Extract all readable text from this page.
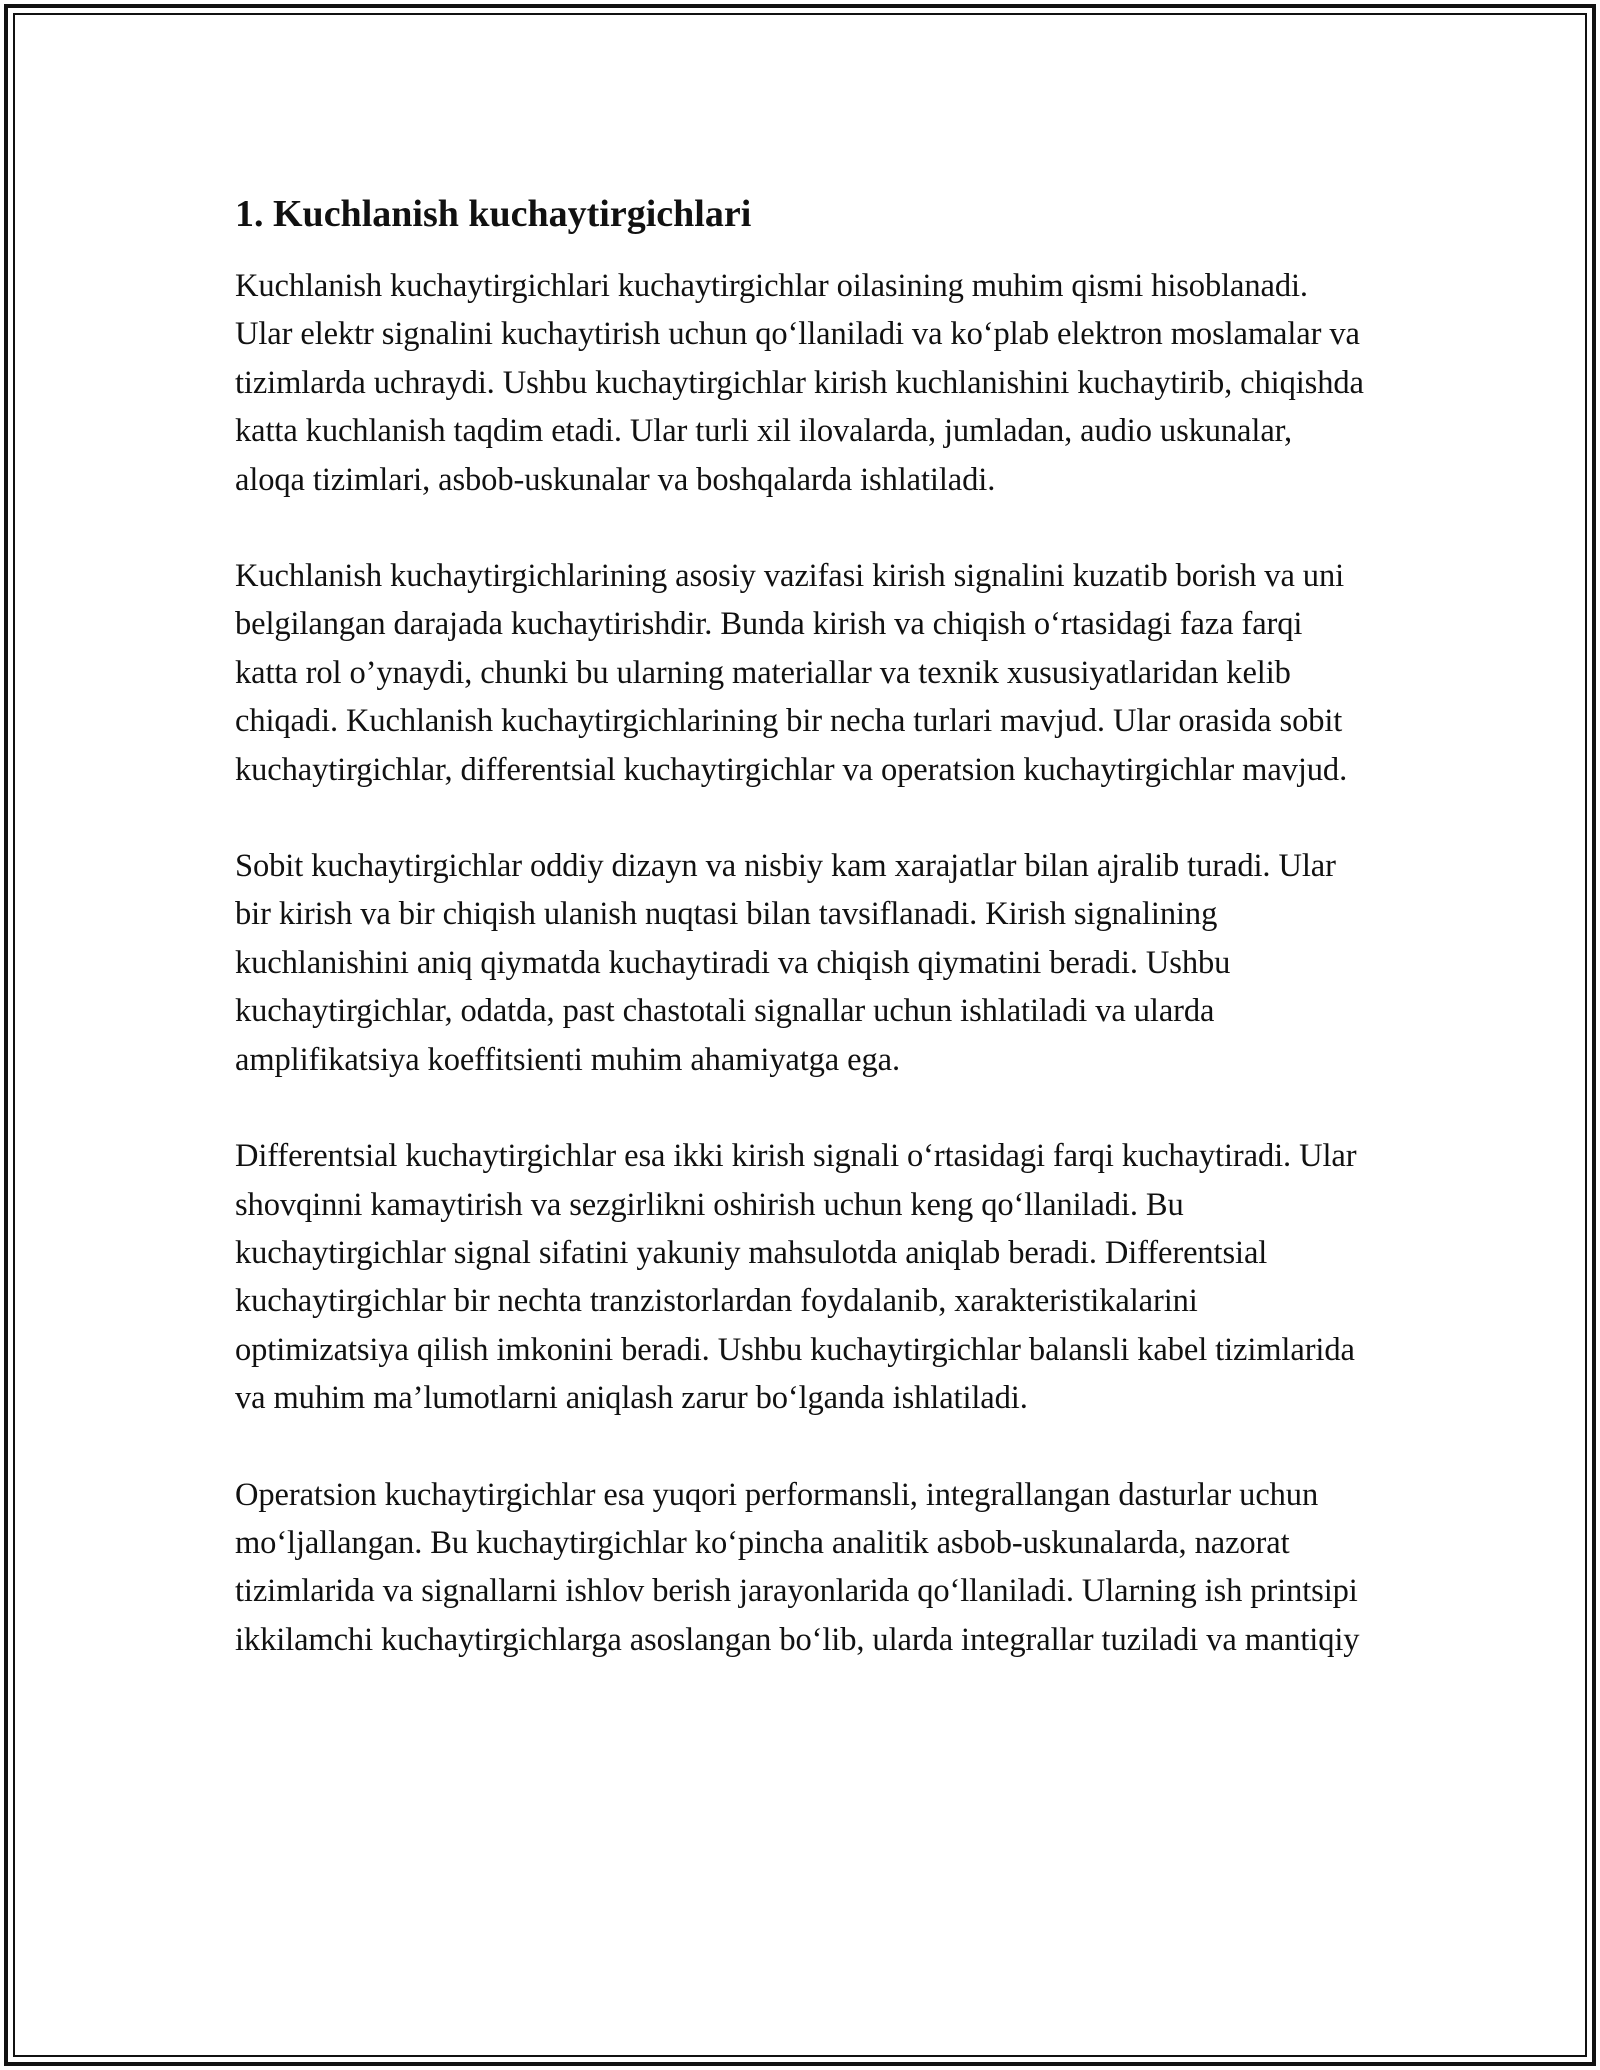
1. Kuchlanish kuchaytirgichlari

Kuchlanish kuchaytirgichlari kuchaytirgichlar oilasining muhim qismi hisoblanadi. Ular elektr signalini kuchaytirish uchun qo‘llaniladi va ko‘plab elektron moslamalar va tizimlarda uchraydi. Ushbu kuchaytirgichlar kirish kuchlanishini kuchaytirib, chiqishda katta kuchlanish taqdim etadi. Ular turli xil ilovalarda, jumladan, audio uskunalar, aloqa tizimlari, asbob-uskunalar va boshqalarda ishlatiladi.

Kuchlanish kuchaytirgichlarining asosiy vazifasi kirish signalini kuzatib borish va uni belgilangan darajada kuchaytirishdir. Bunda kirish va chiqish o‘rtasidagi faza farqi katta rol o’ynaydi, chunki bu ularning materiallar va texnik xususiyatlaridan kelib chiqadi. Kuchlanish kuchaytirgichlarining bir necha turlari mavjud. Ular orasida sobit kuchaytirgichlar, differentsial kuchaytirgichlar va operatsion kuchaytirgichlar mavjud.

Sobit kuchaytirgichlar oddiy dizayn va nisbiy kam xarajatlar bilan ajralib turadi. Ular bir kirish va bir chiqish ulanish nuqtasi bilan tavsiflanadi. Kirish signalining kuchlanishini aniq qiymatda kuchaytiradi va chiqish qiymatini beradi. Ushbu kuchaytirgichlar, odatda, past chastotali signallar uchun ishlatiladi va ularda amplifikatsiya koeffitsienti muhim ahamiyatga ega.

Differentsial kuchaytirgichlar esa ikki kirish signali o‘rtasidagi farqi kuchaytiradi. Ular shovqinni kamaytirish va sezgirlikni oshirish uchun keng qo‘llaniladi. Bu kuchaytirgichlar signal sifatini yakuniy mahsulotda aniqlab beradi. Differentsial kuchaytirgichlar bir nechta tranzistorlardan foydalanib, xarakteristikalarini optimizatsiya qilish imkonini beradi. Ushbu kuchaytirgichlar balansli kabel tizimlarida va muhim ma’lumotlarni aniqlash zarur bo‘lganda ishlatiladi.

Operatsion kuchaytirgichlar esa yuqori performansli, integrallangan dasturlar uchun mo‘ljallangan. Bu kuchaytirgichlar ko‘pincha analitik asbob-uskunalarda, nazorat tizimlarida va signallarni ishlov berish jarayonlarida qo‘llaniladi. Ularning ish printsipi ikkilamchi kuchaytirgichlarga asoslangan bo‘lib, ularda integrallar tuziladi va mantiqiy
